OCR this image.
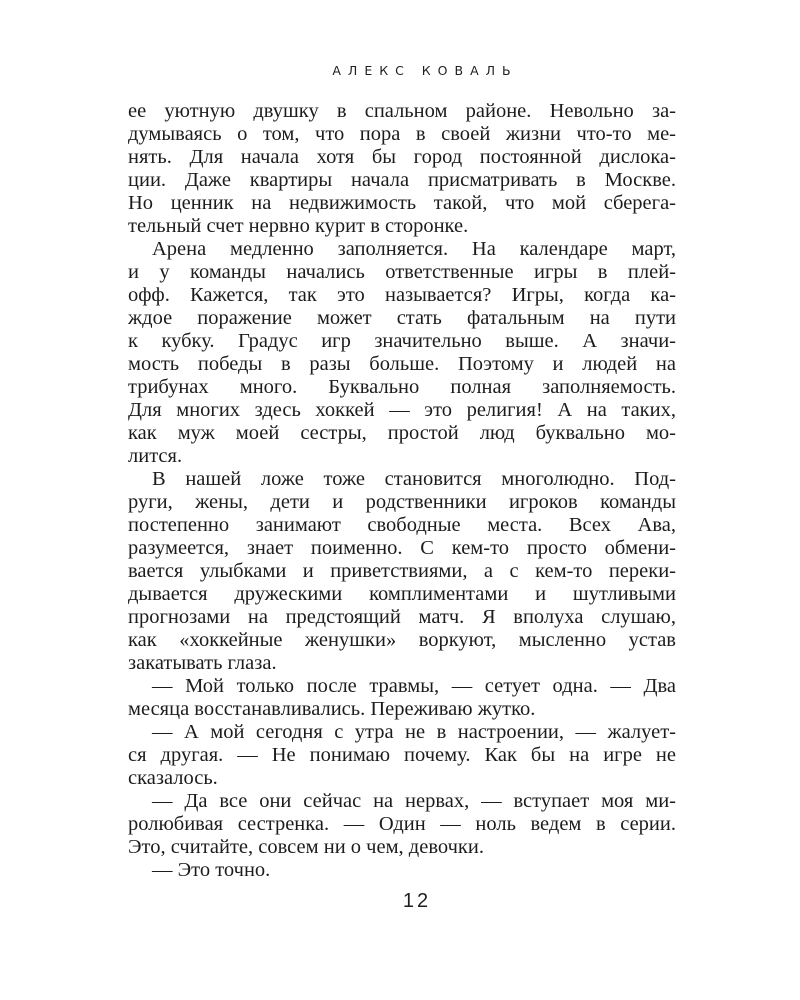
АЛЕКС КОВАЛЬ
ее уютную двушку в спальном районе. Невольно за-
думываясь о том, что пора в своей жизни что-то ме-
нять. Для начала хотя бы город постоянной дислока-
ции. Даже квартиры начала присматривать в Москве.
Но ценник на недвижимость такой, что мой сберега-
тельный счет нервно курит в сторонке.
Арена медленно заполняется. На календаре март,
и у команды начались ответственные игры в плей-
офф. Кажется, так это называется? Игры, когда ка-
ждое поражение может стать фатальным на пути
к кубку. Градус игр значительно выше. А значи-
мость победы в разы больше. Поэтому и людей на
трибунах много. Буквально полная заполняемость.
Для многих здесь хоккей — это религия! А на таких,
как муж моей сестры, простой люд буквально мо-
лится.
В нашей ложе тоже становится многолюдно. Под-
руги, жены, дети и родственники игроков команды
постепенно занимают свободные места. Всех Ава,
разумеется, знает поименно. С кем-то просто обмени-
вается улыбками и приветствиями, а с кем-то переки-
дывается дружескими комплиментами и шутливыми
прогнозами на предстоящий матч. Я вполуха слушаю,
как «хоккейные женушки» воркуют, мысленно устав
закатывать глаза.
— Мой только после травмы, — сетует одна. — Два
месяца восстанавливались. Переживаю жутко.
— А мой сегодня с утра не в настроении, — жалует-
ся другая. — Не понимаю почему. Как бы на игре не
сказалось.
— Да все они сейчас на нервах, — вступает моя ми-
ролюбивая сестренка. — Один — ноль ведем в серии.
Это, считайте, совсем ни о чем, девочки.
— Это точно.
12
